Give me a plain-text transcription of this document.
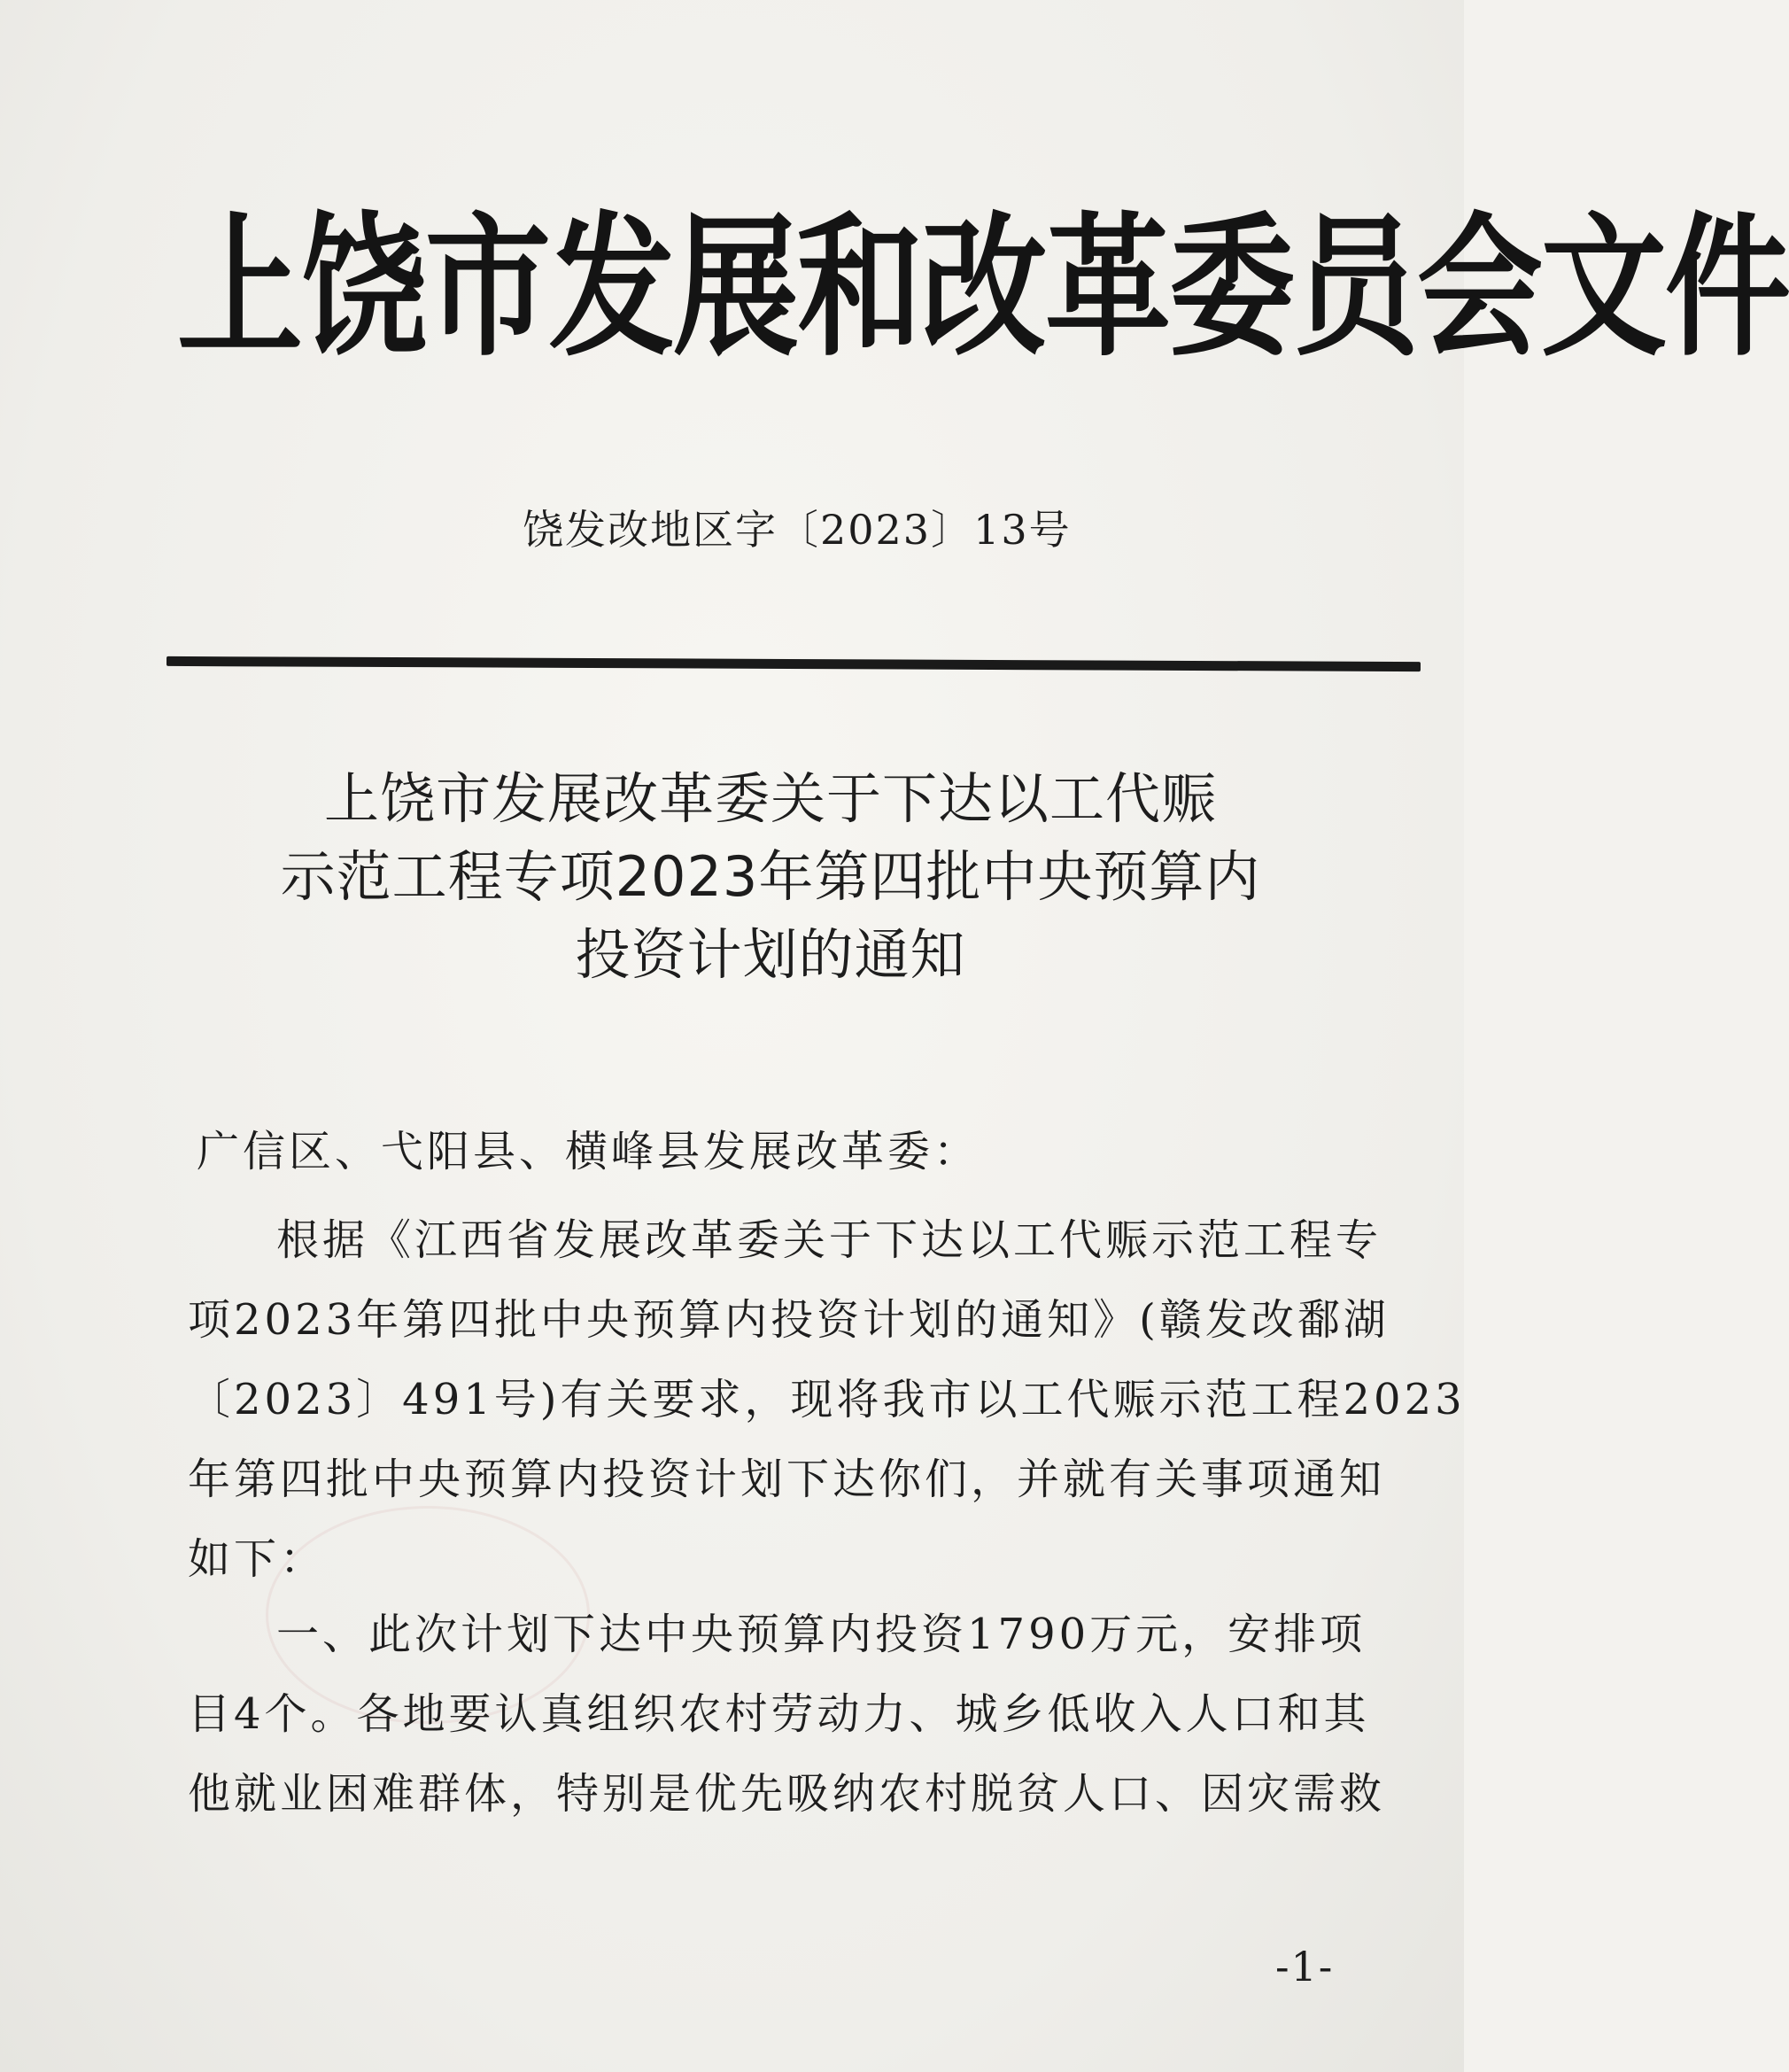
上饶市发展和改革委员会文件
饶发改地区字〔2023〕13号
上饶市发展改革委关于下达以工代赈
示范工程专项2023年第四批中央预算内
投资计划的通知
广信区、弋阳县、横峰县发展改革委：
根据《江西省发展改革委关于下达以工代赈示范工程专
项2023年第四批中央预算内投资计划的通知》(赣发改鄱湖
〔2023〕491号)有关要求，现将我市以工代赈示范工程2023
年第四批中央预算内投资计划下达你们，并就有关事项通知
如下：
一、此次计划下达中央预算内投资1790万元，安排项
目4个。各地要认真组织农村劳动力、城乡低收入人口和其
他就业困难群体，特别是优先吸纳农村脱贫人口、因灾需救
-1-
